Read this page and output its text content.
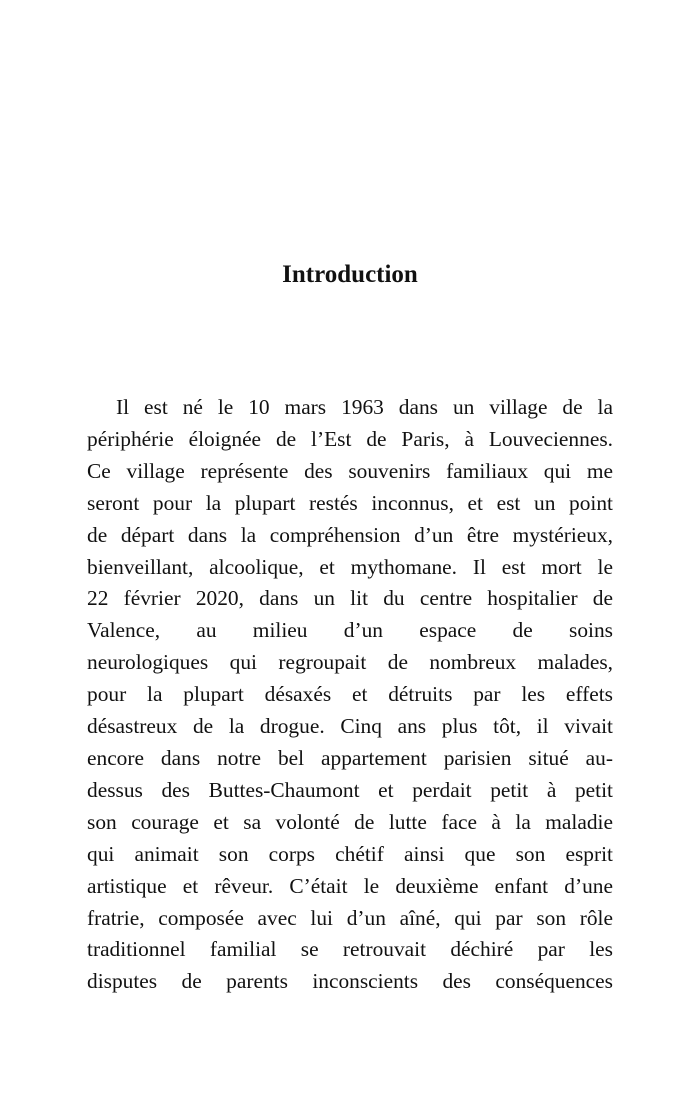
Introduction
Il est né le 10 mars 1963 dans un village de la
périphérie éloignée de l’Est de Paris, à Louveciennes.
Ce village représente des souvenirs familiaux qui me
seront pour la plupart restés inconnus, et est un point
de départ dans la compréhension d’un être mystérieux,
bienveillant, alcoolique, et mythomane. Il est mort le
22 février 2020, dans un lit du centre hospitalier de
Valence, au milieu d’un espace de soins
neurologiques qui regroupait de nombreux malades,
pour la plupart désaxés et détruits par les effets
désastreux de la drogue. Cinq ans plus tôt, il vivait
encore dans notre bel appartement parisien situé au-
dessus des Buttes-Chaumont et perdait petit à petit
son courage et sa volonté de lutte face à la maladie
qui animait son corps chétif ainsi que son esprit
artistique et rêveur. C’était le deuxième enfant d’une
fratrie, composée avec lui d’un aîné, qui par son rôle
traditionnel familial se retrouvait déchiré par les
disputes de parents inconscients des conséquences
